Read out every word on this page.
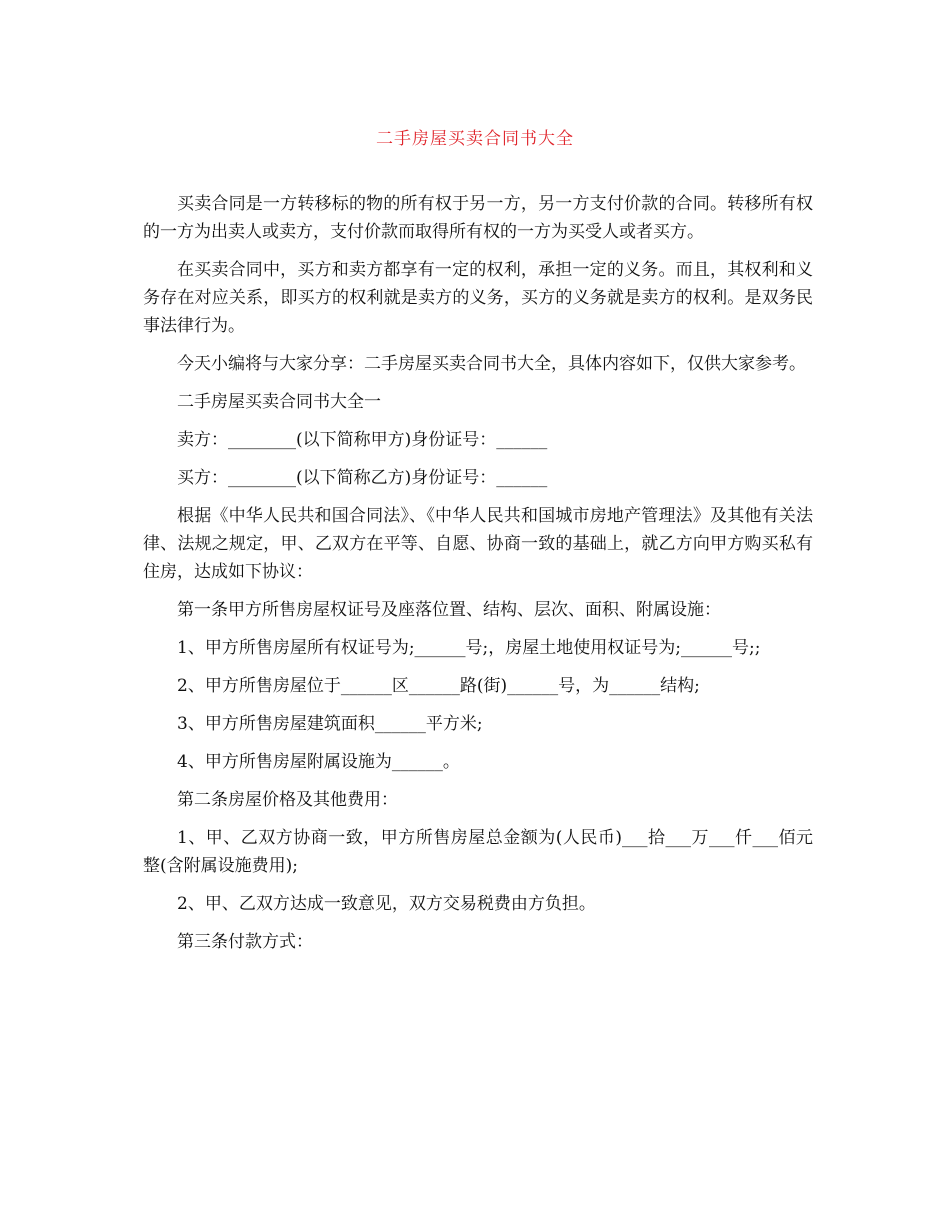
二手房屋买卖合同书大全

买卖合同是一方转移标的物的所有权于另一方，另一方支付价款的合同。转移所有权的一方为出卖人或卖方，支付价款而取得所有权的一方为买受人或者买方。

在买卖合同中，买方和卖方都享有一定的权利，承担一定的义务。而且，其权利和义务存在对应关系，即买方的权利就是卖方的义务，买方的义务就是卖方的权利。是双务民事法律行为。

今天小编将与大家分享：二手房屋买卖合同书大全，具体内容如下，仅供大家参考。

二手房屋买卖合同书大全一

卖方：________(以下简称甲方)身份证号：______

买方：________(以下简称乙方)身份证号：______

根据《中华人民共和国合同法》、《中华人民共和国城市房地产管理法》及其他有关法律、法规之规定，甲、乙双方在平等、自愿、协商一致的基础上，就乙方向甲方购买私有住房，达成如下协议：

第一条甲方所售房屋权证号及座落位置、结构、层次、面积、附属设施：

1、甲方所售房屋所有权证号为;______号;，房屋土地使用权证号为;______号;;

2、甲方所售房屋位于______区______路(街)______号，为______结构;

3、甲方所售房屋建筑面积______平方米;

4、甲方所售房屋附属设施为______。

第二条房屋价格及其他费用：

1、甲、乙双方协商一致，甲方所售房屋总金额为(人民币)___拾___万___仟___佰元整(含附属设施费用);

2、甲、乙双方达成一致意见，双方交易税费由方负担。

第三条付款方式：
